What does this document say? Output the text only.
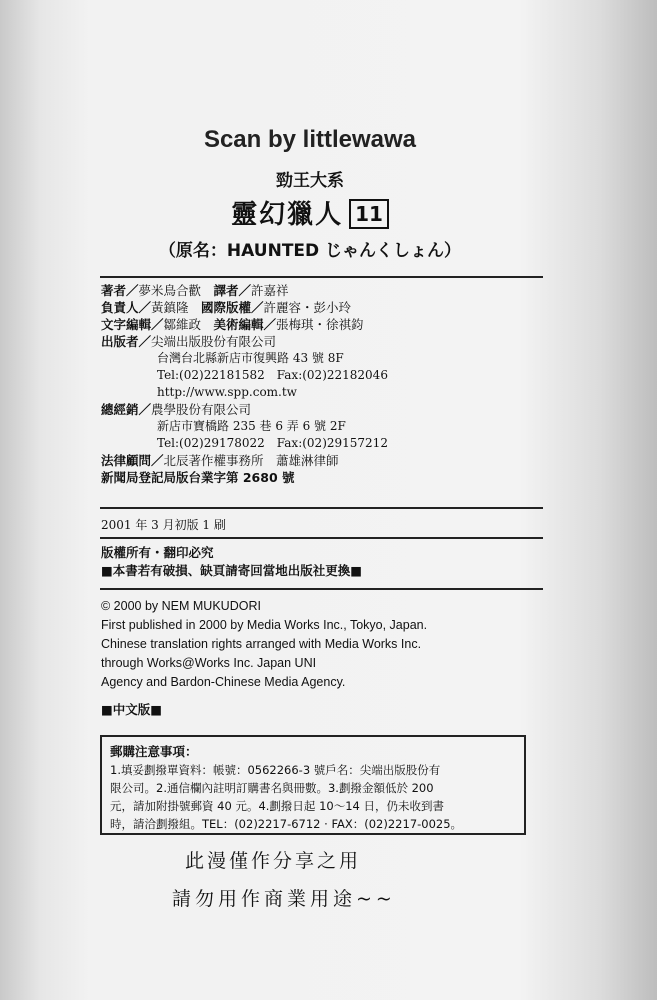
Scan by littlewawa
勁王大系
靈幻獵人 11
（原名：HAUNTED じゃんくしょん）
著者／夢米鳥合歡　譯者／許嘉祥
負責人／黃鎮隆　國際版權／許麗容・彭小玲
文字編輯／鄒維政　美術編輯／張梅琪・徐祺鈞
出版者／尖端出版股份有限公司
台灣台北縣新店市復興路 43 號 8F
Tel:(02)22181582　Fax:(02)22182046
http://www.spp.com.tw
總經銷／農學股份有限公司
新店市寶橋路 235 巷 6 弄 6 號 2F
Tel:(02)29178022　Fax:(02)29157212
法律顧問／北辰著作權事務所　蕭雄淋律師
新聞局登記局版台業字第 2680 號
2001 年 3 月初版 1 刷
版權所有・翻印必究
■本書若有破損、缺頁請寄回當地出版社更換■
© 2000 by NEM MUKUDORI
First published in 2000 by Media Works Inc., Tokyo, Japan.
Chinese translation rights arranged with Media Works Inc.
through Works@Works Inc. Japan UNI
Agency and Bardon-Chinese Media Agency.
■中文版■
郵購注意事項：
1.填妥劃撥單資料：帳號：0562266-3 號戶名：尖端出版股份有
限公司。2.通信欄內註明訂購書名與冊數。3.劃撥金額低於 200
元，請加附掛號郵資 40 元。4.劃撥日起 10～14 日，仍未收到書
時，請洽劃撥組。TEL：(02)2217-6712 · FAX：(02)2217-0025。
此漫僅作分享之用
請勿用作商業用途~~
